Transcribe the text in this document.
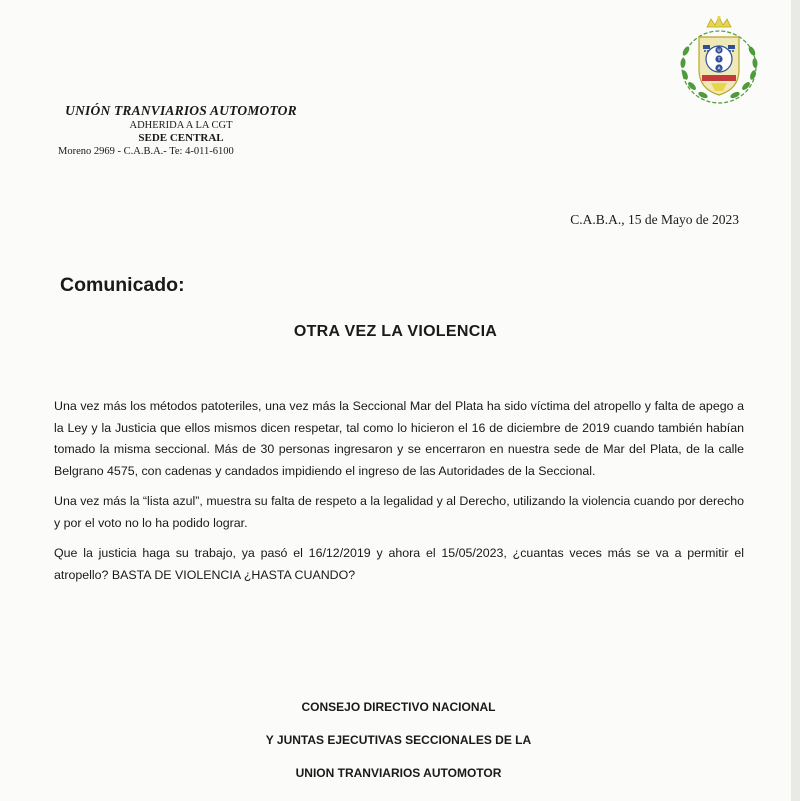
UNIÓN TRANVIARIOS AUTOMOTOR
ADHERIDA A LA CGT
SEDE CENTRAL
Moreno 2969 - C.A.B.A.- Te: 4-011-6100
U
T
A
C.A.B.A., 15 de Mayo de 2023
Comunicado:
OTRA VEZ LA VIOLENCIA

Una vez más los métodos patoteriles, una vez más la Seccional Mar del Plata ha sido víctima del atropello y falta de apego a la Ley y la Justicia que ellos mismos dicen respetar, tal como lo hicieron el 16 de diciembre de 2019 cuando también habían tomado la misma seccional. Más de 30 personas ingresaron y se encerraron en nuestra sede de Mar del Plata, de la calle Belgrano 4575, con cadenas y candados impidiendo el ingreso de las Autoridades de la Seccional.

Una vez más la “lista azul”, muestra su falta de respeto a la legalidad y al Derecho, utilizando la violencia cuando por derecho y por el voto no lo ha podido lograr.

Que la justicia haga su trabajo, ya pasó el 16/12/2019 y ahora el 15/05/2023, ¿cuantas veces más se va a permitir el atropello? BASTA DE VIOLENCIA ¿HASTA CUANDO?

CONSEJO DIRECTIVO NACIONAL
Y JUNTAS EJECUTIVAS SECCIONALES DE LA
UNION TRANVIARIOS AUTOMOTOR
